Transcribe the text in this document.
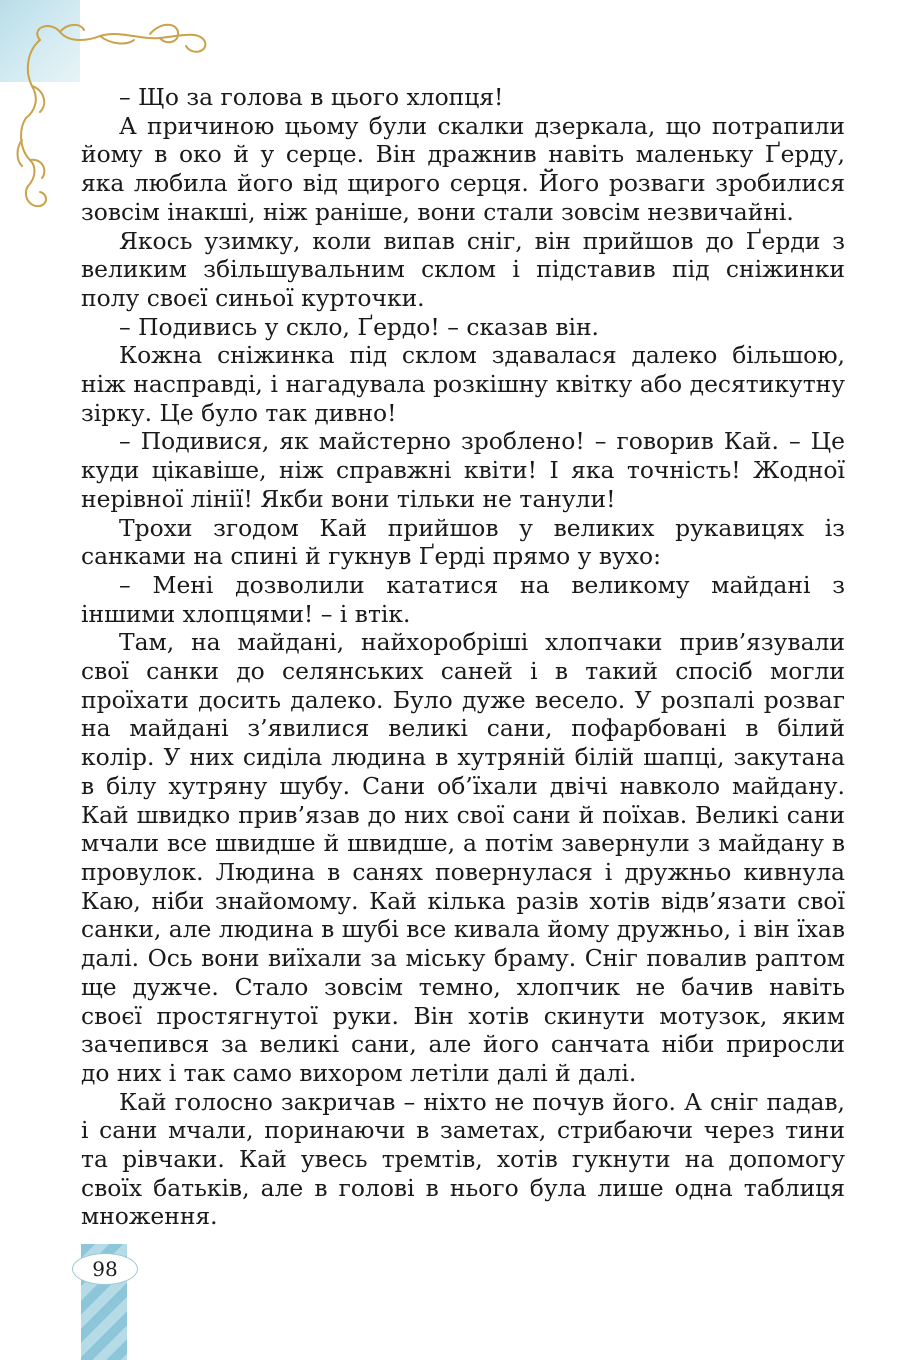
– Що за голова в цього хлопця!

А причиною цьому були скалки дзеркала, що потрапили йому в око й у серце. Він дражнив навіть маленьку Ґерду, яка любила його від щирого серця. Його розваги зробилися зовсім інакші, ніж раніше, вони стали зовсім незвичайні.

Якось узимку, коли випав сніг, він прийшов до Ґерди з великим збільшувальним склом і підставив під сніжинки полу своєї синьої курточки.

– Подивись у скло, Ґердо! – сказав він.

Кожна сніжинка під склом здавалася далеко більшою, ніж насправді, і нагадувала розкішну квітку або десятикутну зірку. Це було так дивно!

– Подивися, як майстерно зроблено! – говорив Кай. – Це куди цікавіше, ніж справжні квіти! І яка точність! Жодної нерівної лінії! Якби вони тільки не танули!

Трохи згодом Кай прийшов у великих рукавицях із санками на спині й гукнув Ґерді прямо у вухо:

– Мені дозволили кататися на великому майдані з іншими хлопцями! – і втік.

Там, на майдані, найхоробріші хлопчаки прив’язували свої санки до селянських саней і в такий спосіб могли проїхати досить далеко. Було дуже весело. У розпалі розваг на майдані з’явилися великі сани, пофарбовані в білий колір. У них сиділа людина в хутряній білій шапці, закутана в білу хутряну шубу. Сани об’їхали двічі навколо майдану. Кай швидко прив’язав до них свої сани й поїхав. Великі сани мчали все швидше й швидше, а потім завернули з майдану в провулок. Людина в санях повернулася і дружньо кивнула Каю, ніби знайомому. Кай кілька разів хотів відв’язати свої санки, але людина в шубі все кивала йому дружньо, і він їхав далі. Ось вони виїхали за міську браму. Сніг повалив раптом ще дужче. Стало зовсім темно, хлопчик не бачив навіть своєї простягнутої руки. Він хотів скинути мотузок, яким зачепився за великі сани, але його санчата ніби приросли до них і так само вихором летіли далі й далі.

Кай голосно закричав – ніхто не почув його. А сніг падав, і сани мчали, поринаючи в заметах, стрибаючи через тини та рівчаки. Кай увесь тремтів, хотів гукнути на допомогу своїх батьків, але в голові в нього була лише одна таблиця множення.

98
